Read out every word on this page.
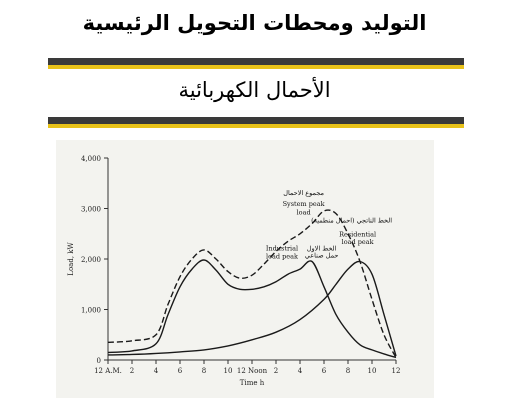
التوليد ومحطات التحويل الرئيسية
الأحمال الكهربائية
0
1,000
2,000
3,000
4,000
12 A.M. 2	4	6	8 10 12 Noon 2	4	6	8 10 12
Time h
Load, kW
مجموع الاحمال
System peak
load
الخط الناتجي (احمال منطمية)
Residential
load peak
Industrial
load peak
الخط الاول
حمل صناعي
